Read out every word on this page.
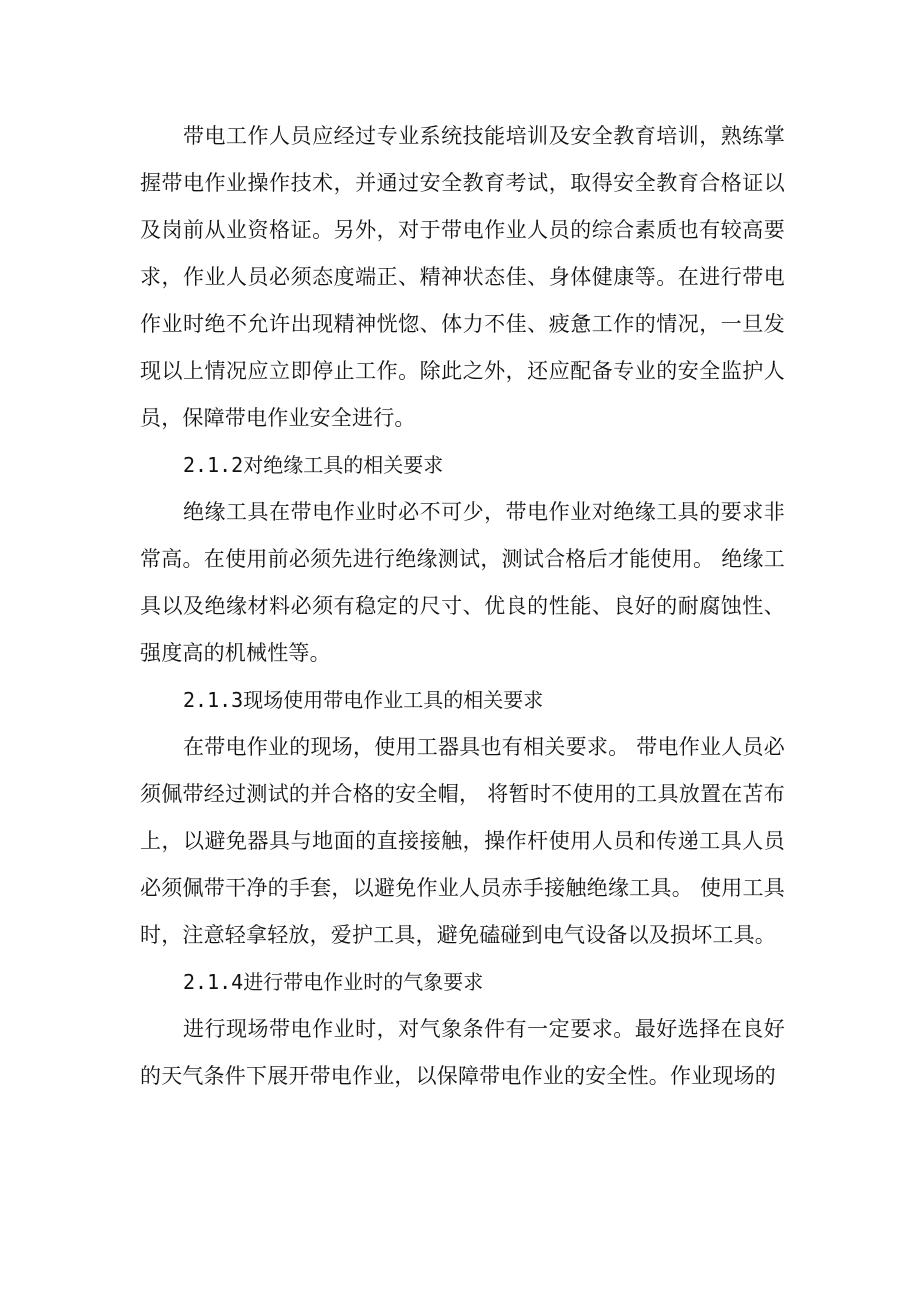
带电工作人员应经过专业系统技能培训及安全教育培训，熟练掌握带电作业操作技术，并通过安全教育考试，取得安全教育合格证以及岗前从业资格证。另外，对于带电作业人员的综合素质也有较高要求，作业人员必须态度端正、精神状态佳、身体健康等。在进行带电作业时绝不允许出现精神恍惚、体力不佳、疲惫工作的情况，一旦发现以上情况应立即停止工作。除此之外，还应配备专业的安全监护人员，保障带电作业安全进行。

2.1.2对绝缘工具的相关要求

绝缘工具在带电作业时必不可少，带电作业对绝缘工具的要求非常高。在使用前必须先进行绝缘测试，测试合格后才能使用。 绝缘工具以及绝缘材料必须有稳定的尺寸、优良的性能、良好的耐腐蚀性、强度高的机械性等。

2.1.3现场使用带电作业工具的相关要求

在带电作业的现场，使用工器具也有相关要求。 带电作业人员必须佩带经过测试的并合格的安全帽， 将暂时不使用的工具放置在苫布上，以避免器具与地面的直接接触，操作杆使用人员和传递工具人员必须佩带干净的手套，以避免作业人员赤手接触绝缘工具。 使用工具时，注意轻拿轻放，爱护工具，避免磕碰到电气设备以及损坏工具。

2.1.4进行带电作业时的气象要求

进行现场带电作业时，对气象条件有一定要求。最好选择在良好的天气条件下展开带电作业，以保障带电作业的安全性。作业现场的
